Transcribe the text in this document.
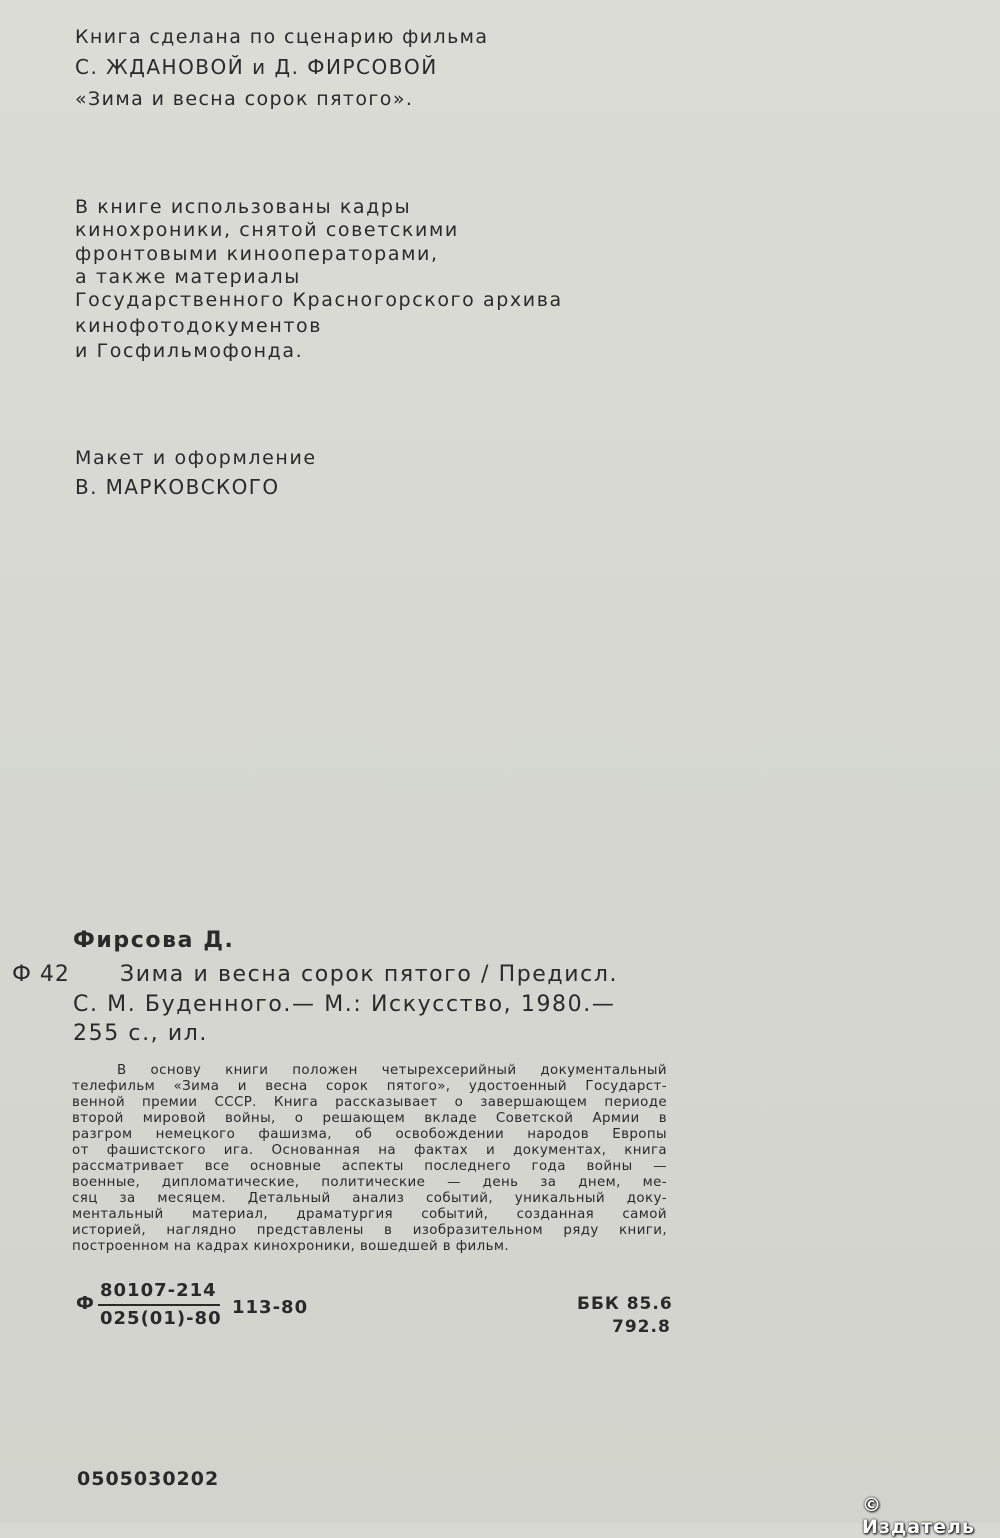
Книга сделана по сценарию фильма
С. ЖДАНОВОЙ и Д. ФИРСОВОЙ
«Зима и весна сорок пятого».
В книге использованы кадры
кинохроники, снятой советскими
фронтовыми кинооператорами,
а также материалы
Государственного Красногорского архива
кинофотодокументов
и Госфильмофонда.
Макет и оформление
В. МАРКОВСКОГО
Фирсова Д.
Ф 42 Зима и весна сорок пятого / Предисл.
С. М. Буденного.— М.: Искусство, 1980.—
255 с., ил.
В основу книги положен четырехсерийный документальный
телефильм «Зима и весна сорок пятого», удостоенный Государст-
венной премии СССР. Книга рассказывает о завершающем периоде
второй мировой войны, о решающем вкладе Советской Армии в
разгром немецкого фашизма, об освобождении народов Европы
от фашистского ига. Основанная на фактах и документах, книга
рассматривает все основные аспекты последнего года войны —
военные, дипломатические, политические — день за днем, ме-
сяц за месяцем. Детальный анализ событий, уникальный доку-
ментальный материал, драматургия событий, созданная самой
историей, наглядно представлены в изобразительном ряду книги,
построенном на кадрах кинохроники, вошедшей в фильм.
Ф
80107-214
025(01)-80
113-80	ББК 85.6
792.8
0505030202
© Издатель
